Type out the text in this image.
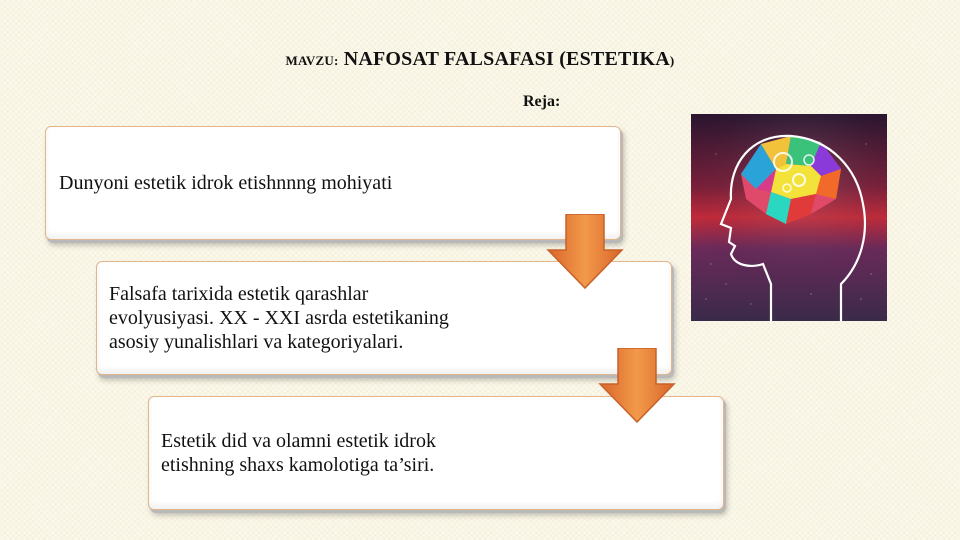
MAVZU: NAFOSAT FALSAFASI (ESTETIKA)
Reja:
Dunyoni estetik idrok etishnnng mohiyati
Falsafa tarixida estetik qarashlar
evolyusiyasi. XX - XXI asrda estetikaning
asosiy yunalishlari va kategoriyalari.
Estetik did va olamni estetik idrok
etishning shaxs kamolotiga ta’siri.
